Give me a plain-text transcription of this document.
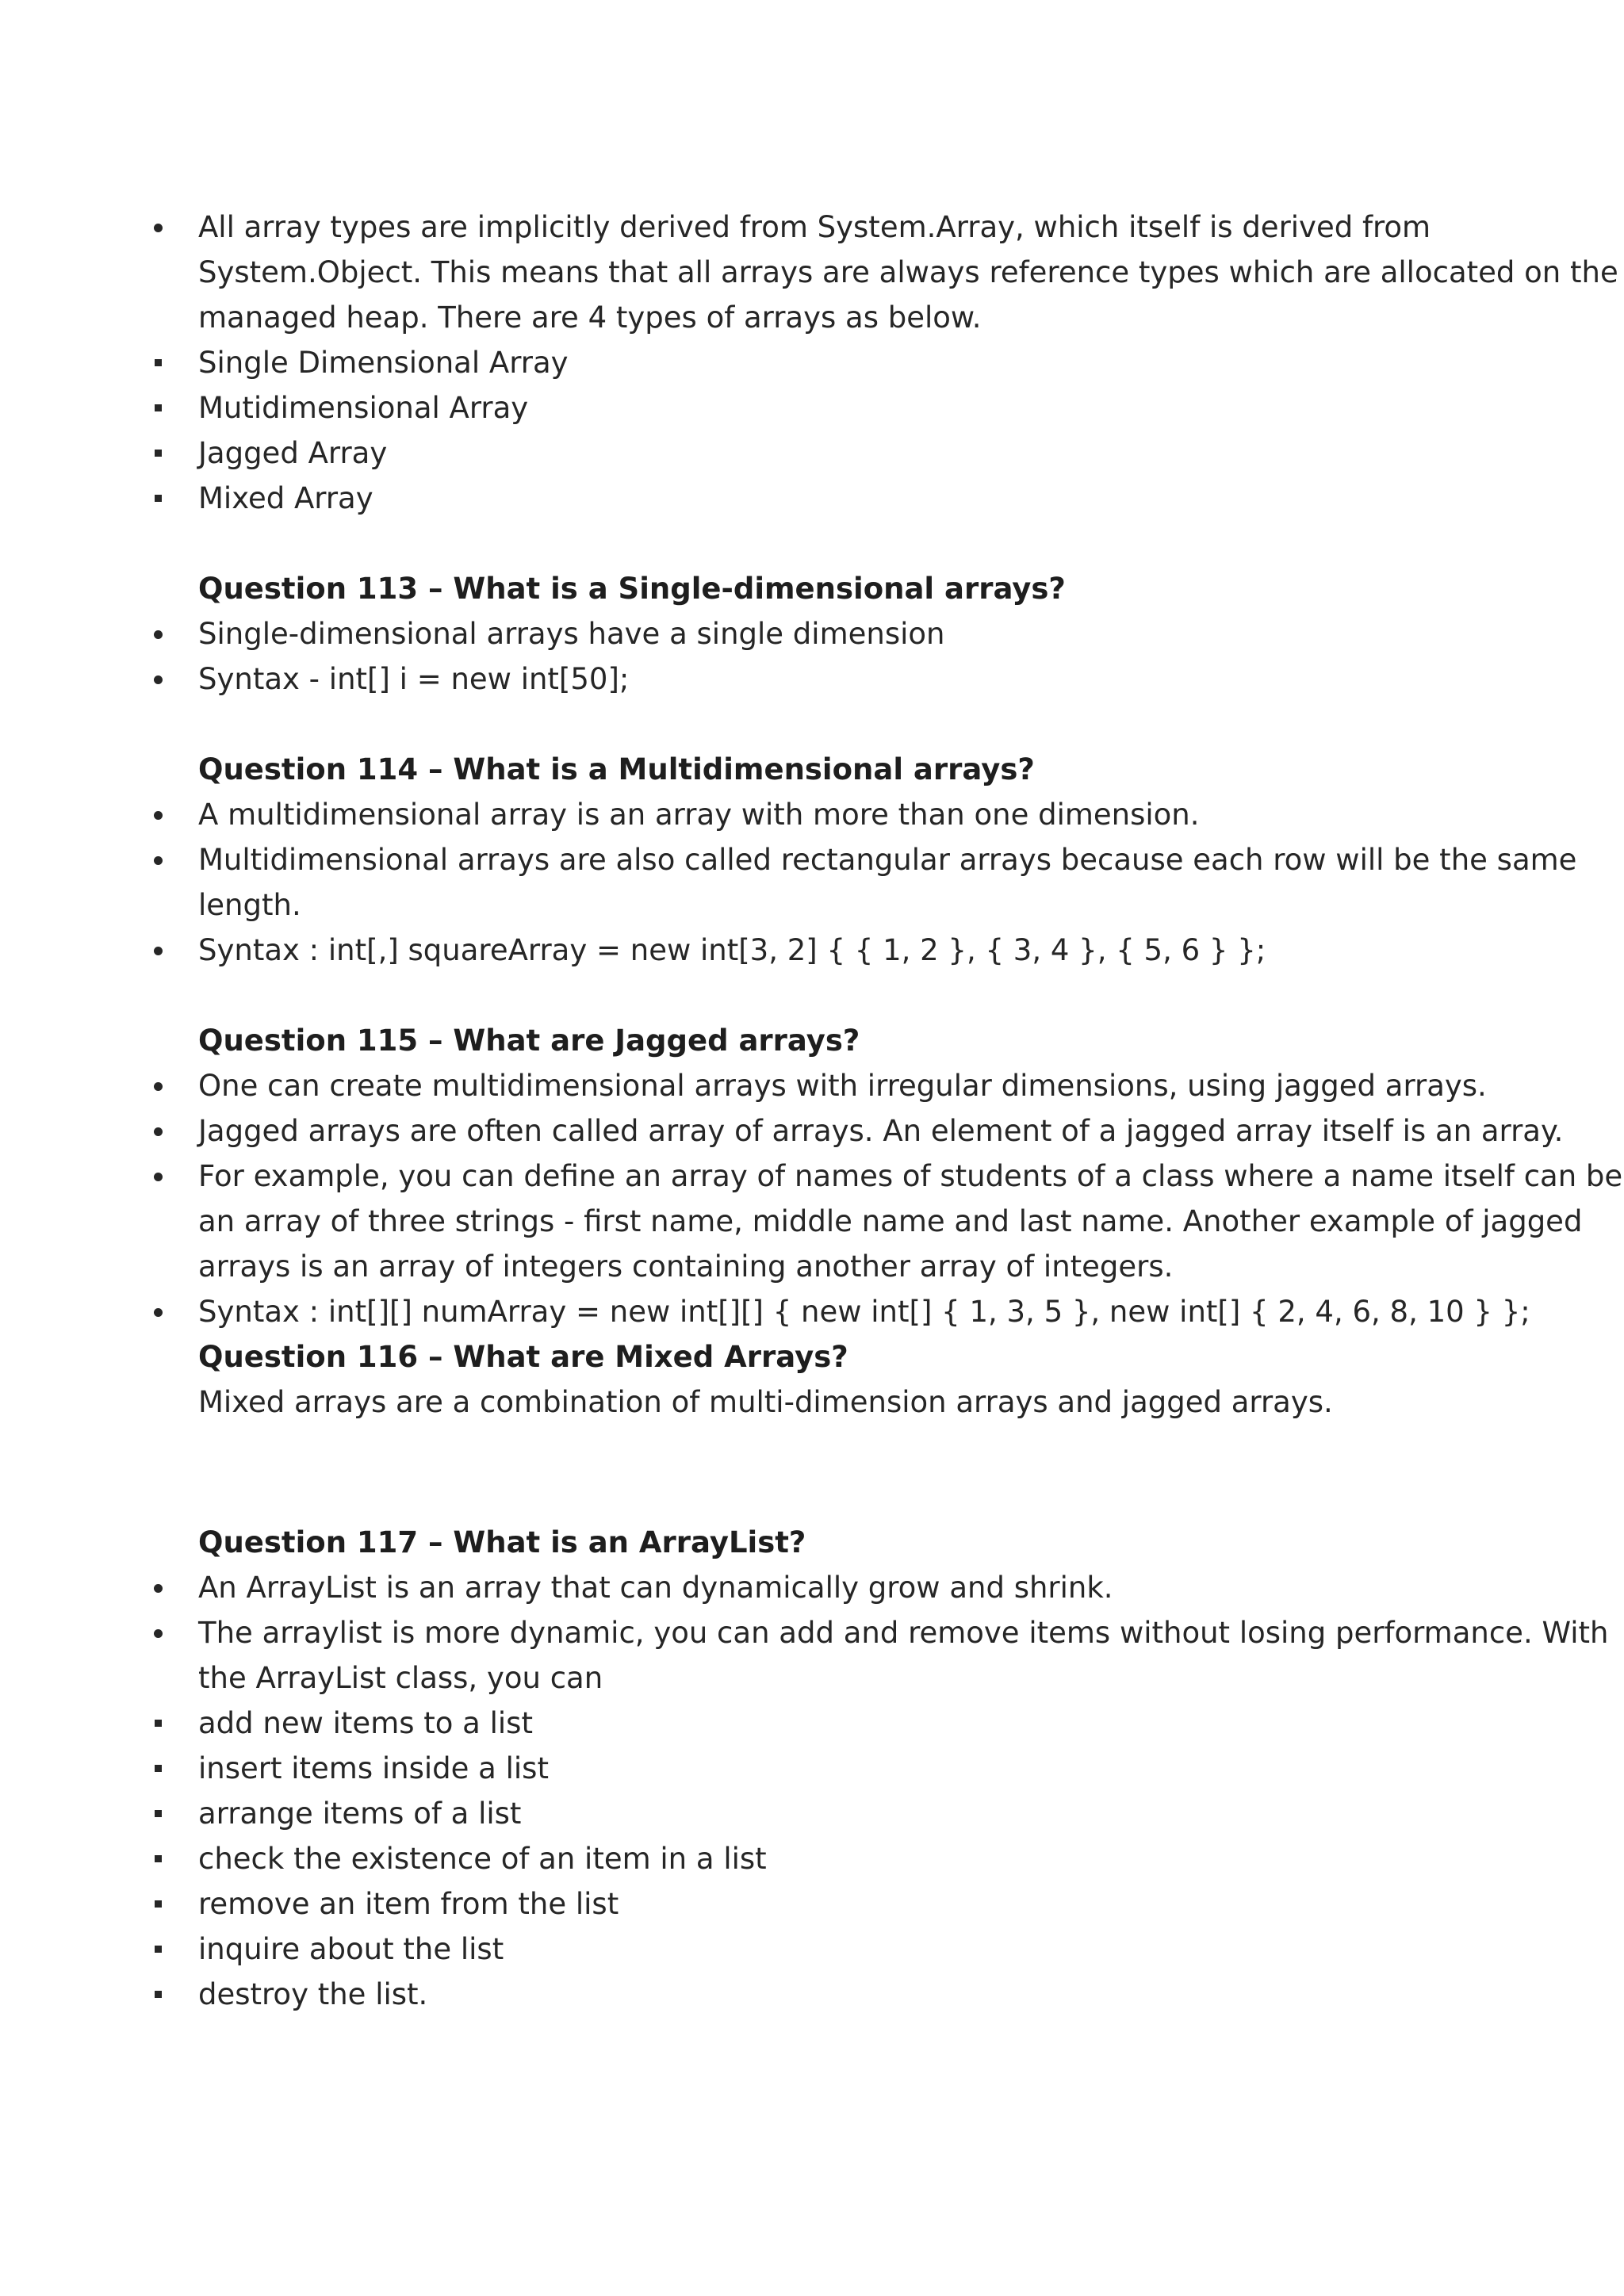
All array types are implicitly derived from System.Array, which itself is derived from
System.Object. This means that all arrays are always reference types which are allocated on the
managed heap. There are 4 types of arrays as below.
Single Dimensional Array
Mutidimensional Array
Jagged Array
Mixed Array
Question 113 – What is a Single-dimensional arrays?
Single-dimensional arrays have a single dimension
Syntax - int[] i = new int[50];
Question 114 – What is a Multidimensional arrays?
A multidimensional array is an array with more than one dimension.
Multidimensional arrays are also called rectangular arrays because each row will be the same
length.
Syntax : int[,] squareArray = new int[3, 2] { { 1, 2 }, { 3, 4 }, { 5, 6 } };
Question 115 – What are Jagged arrays?
One can create multidimensional arrays with irregular dimensions, using jagged arrays.
Jagged arrays are often called array of arrays. An element of a jagged array itself is an array.
For example, you can define an array of names of students of a class where a name itself can be
an array of three strings - first name, middle name and last name. Another example of jagged
arrays is an array of integers containing another array of integers.
Syntax : int[][] numArray = new int[][] { new int[] { 1, 3, 5 }, new int[] { 2, 4, 6, 8, 10 } };
Question 116 – What are Mixed Arrays?
Mixed arrays are a combination of multi-dimension arrays and jagged arrays.
Question 117 – What is an ArrayList?
An ArrayList is an array that can dynamically grow and shrink.
The arraylist is more dynamic, you can add and remove items without losing performance. With
the ArrayList class, you can
add new items to a list
insert items inside a list
arrange items of a list
check the existence of an item in a list
remove an item from the list
inquire about the list
destroy the list.
